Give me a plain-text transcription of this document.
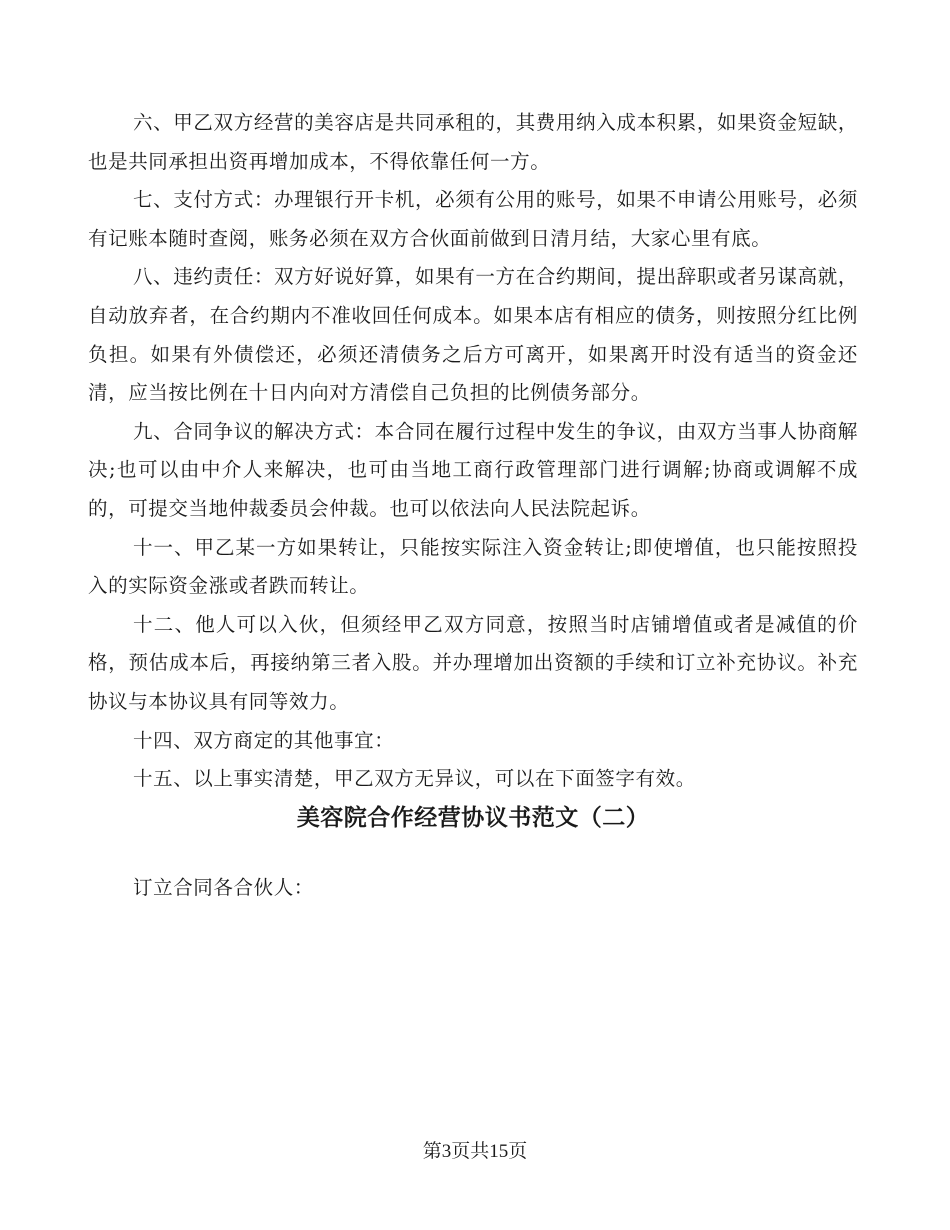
六、甲乙双方经营的美容店是共同承租的，其费用纳入成本积累，如果资金短缺，也是共同承担出资再增加成本，不得依靠任何一方。

七、支付方式：办理银行开卡机，必须有公用的账号，如果不申请公用账号，必须有记账本随时查阅，账务必须在双方合伙面前做到日清月结，大家心里有底。

八、违约责任：双方好说好算，如果有一方在合约期间，提出辞职或者另谋高就，自动放弃者，在合约期内不准收回任何成本。如果本店有相应的债务，则按照分红比例负担。如果有外债偿还，必须还清债务之后方可离开，如果离开时没有适当的资金还清，应当按比例在十日内向对方清偿自己负担的比例债务部分。

九、合同争议的解决方式：本合同在履行过程中发生的争议，由双方当事人协商解决;也可以由中介人来解决，也可由当地工商行政管理部门进行调解;协商或调解不成的，可提交当地仲裁委员会仲裁。也可以依法向人民法院起诉。

十一、甲乙某一方如果转让，只能按实际注入资金转让;即使增值，也只能按照投入的实际资金涨或者跌而转让。

十二、他人可以入伙，但须经甲乙双方同意，按照当时店铺增值或者是减值的价格，预估成本后，再接纳第三者入股。并办理增加出资额的手续和订立补充协议。补充协议与本协议具有同等效力。

十四、双方商定的其他事宜：

十五、以上事实清楚，甲乙双方无异议，可以在下面签字有效。

美容院合作经营协议书范文（二）

订立合同各合伙人：

第3页共15页
